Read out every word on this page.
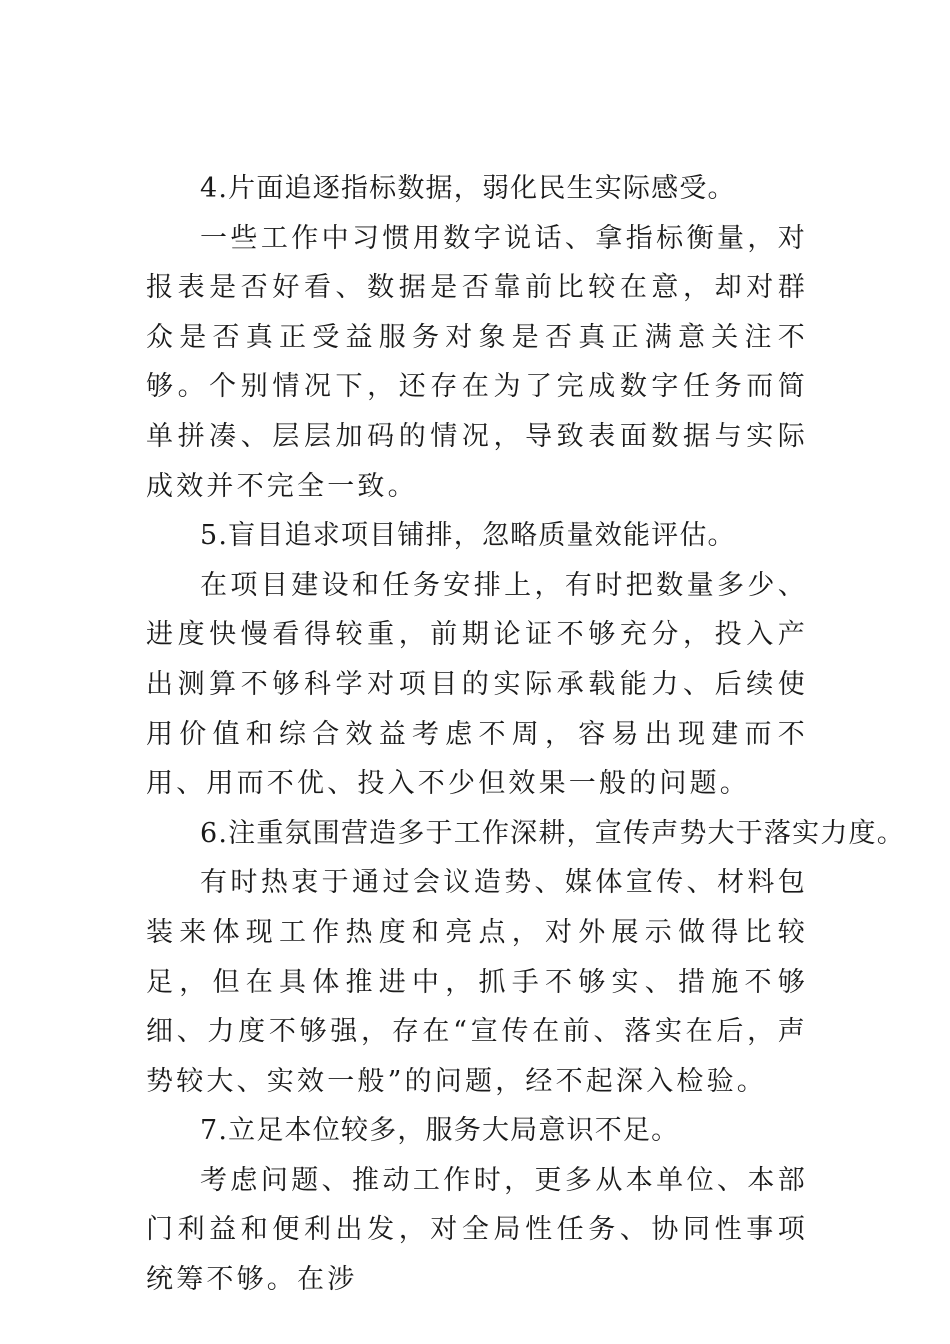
4.片面追逐指标数据，弱化民生实际感受。

一些工作中习惯用数字说话、拿指标衡量，对报表是否好看、数据是否靠前比较在意，却对群众是否真正受益服务对象是否真正满意关注不够。个别情况下，还存在为了完成数字任务而简单拼凑、层层加码的情况，导致表面数据与实际成效并不完全一致。

5.盲目追求项目铺排，忽略质量效能评估。

在项目建设和任务安排上，有时把数量多少、进度快慢看得较重，前期论证不够充分，投入产出测算不够科学对项目的实际承载能力、后续使用价值和综合效益考虑不周，容易出现建而不用、用而不优、投入不少但效果一般的问题。

6.注重氛围营造多于工作深耕，宣传声势大于落实力度。

有时热衷于通过会议造势、媒体宣传、材料包装来体现工作热度和亮点，对外展示做得比较足，但在具体推进中，抓手不够实、措施不够细、力度不够强，存在“宣传在前、落实在后，声势较大、实效一般”的问题，经不起深入检验。

7.立足本位较多，服务大局意识不足。

考虑问题、推动工作时，更多从本单位、本部门利益和便利出发，对全局性任务、协同性事项统筹不够。在涉
